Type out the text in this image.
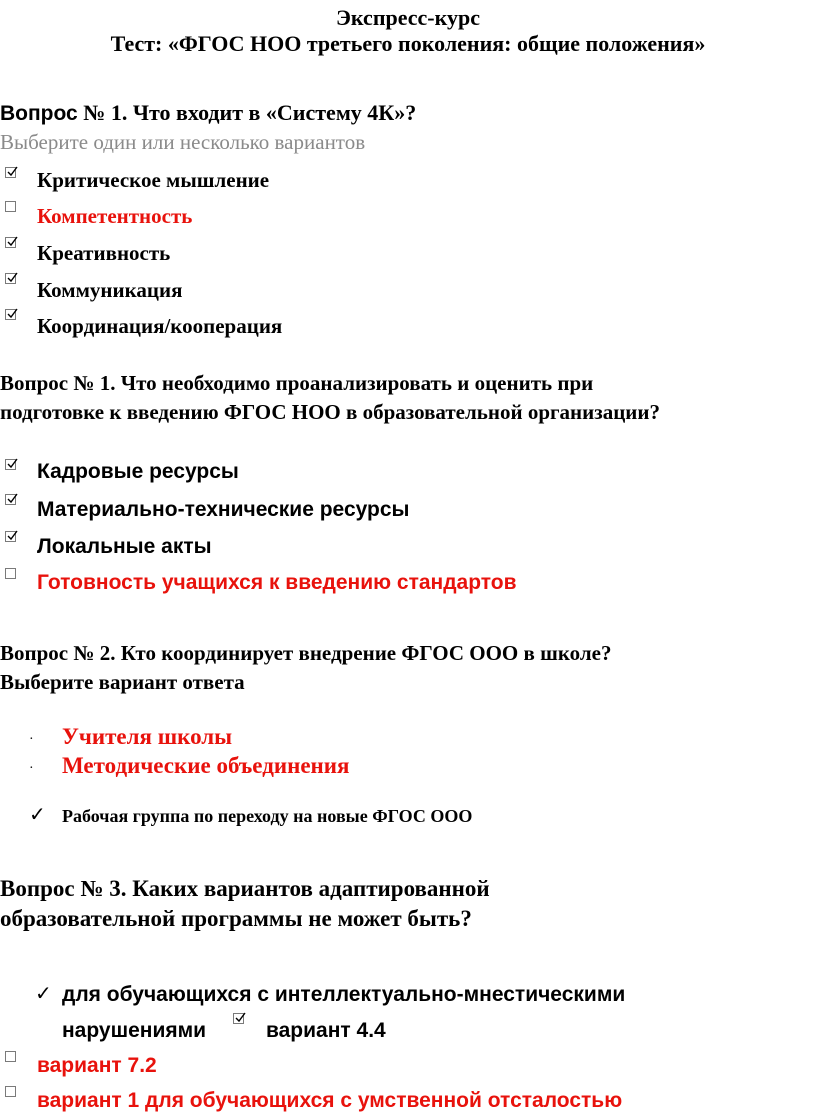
Экспресс-курс
Тест: «ФГОС НОО третьего поколения: общие положения»
Вопрос № 1. Что входит в «Систему 4К»?
Выберите один или несколько вариантов
Критическое мышление
Компетентность
Креативность
Коммуникация
Координация/кооперация
Вопрос № 1. Что необходимо проанализировать и оценить при
подготовке к введению ФГОС НОО в образовательной организации?
Кадровые ресурсы
Материально-технические ресурсы
Локальные акты
Готовность учащихся к введению стандартов
Вопрос № 2. Кто координирует внедрение ФГОС ООО в школе?
Выберите вариант ответа
· Учителя школы
· Методические объединения
✓ Рабочая группа по переходу на новые ФГОС ООО
Вопрос № 3. Каких вариантов адаптированной
образовательной программы не может быть?
✓ для обучающихся с интеллектуально-мнестическими
нарушениями	вариант 4.4
вариант 7.2
вариант 1 для обучающихся с умственной отсталостью
